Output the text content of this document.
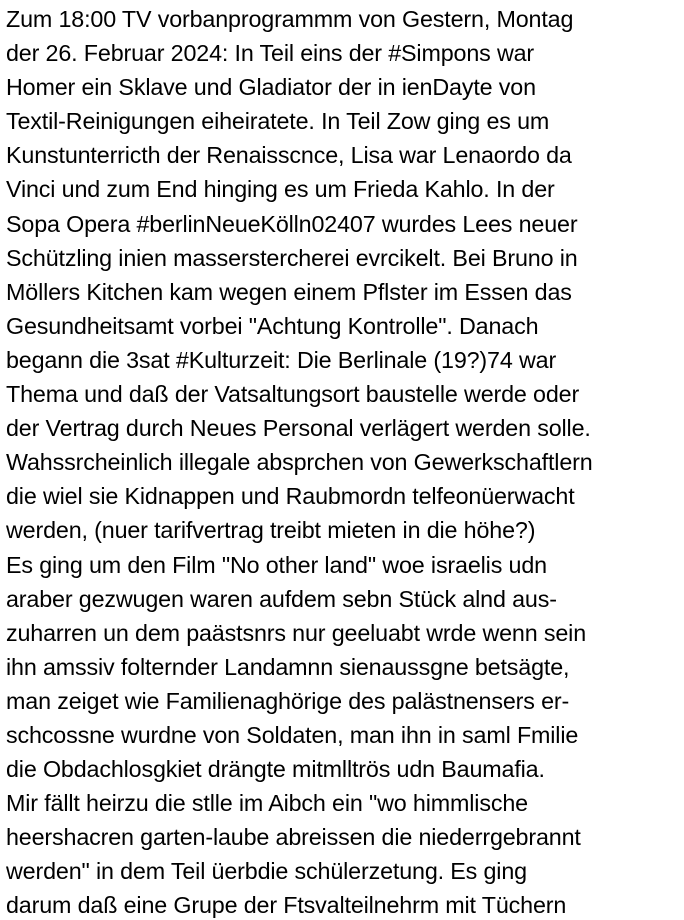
Zum 18:00 TV vorbanprogrammm von Gestern, Montag
der 26. Februar 2024: In Teil eins der #Simpons war
Homer ein Sklave und Gladiator der in ienDayte von
Textil-Reinigungen eiheiratete. In Teil Zow ging es um
Kunstunterricth der Renaisscnce, Lisa war Lenaordo da
Vinci und zum End hinging es um Frieda Kahlo. In der
Sopa Opera #berlinNeueKölln02407 wurdes Lees neuer
Schützling inien massersterchereі evrcikelt. Bei Bruno in
Möllers Kitchen kam wegen einem Pflster im Essen das
Gesundheitsamt vorbei "Achtung Kontrolle". Danach
begann die 3sat #Kulturzeit: Die Berlinale (19?)74 war
Thema und daß der Vatsaltungsort baustelle werde oder
der Vertrag durch Neues Personal verlägert werden solle.
Wahssrcheinlich illegale absprchen von Gewerkschaftlern
die wiel sie Kidnappen und Raubmordn telfeonüerwacht
werden, (nuer tarifvertrag treibt mieten in die höhe?)
Es ging um den Film "No other land" woe israelis udn
araber gezwugen waren aufdem sebn Stück alnd aus-
zuharren un dem paästsnrs nur geeluabt wrde wenn sein
ihn amssiv folternder Landamnn sienaussgne betsägte,
man zeiget wie Familienaghörige des palästnensers er-
schcossne wurdne von Soldaten, man ihn in saml Fmilie
die Obdachlosgkiet drängte mitmlltrös udn Baumafia.
Mir fällt heirzu die stlle im Aibch ein "wo himmlische
heershacren garten-laube abreissen die niederrgebrannt
werden" in dem Teil üerbdie schülerzetung. Es ging
darum daß eine Grupe der Ftsvalteilnehrm mit Tüchern
